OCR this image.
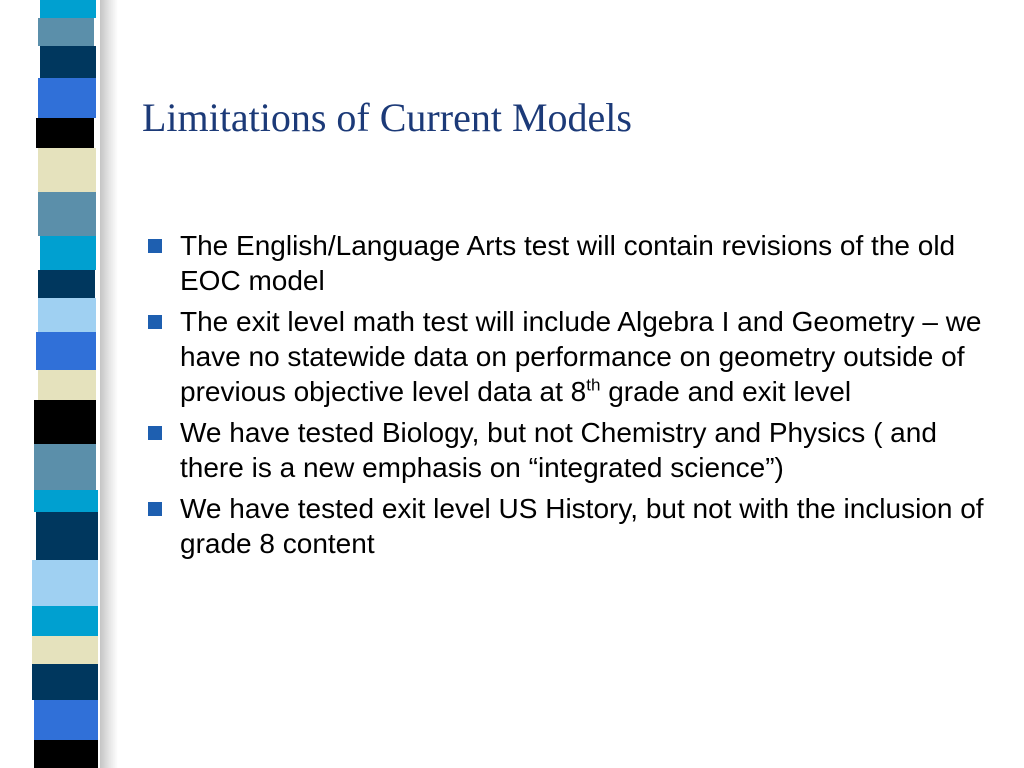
Limitations of Current Models
The English/Language Arts test will contain revisions of the old EOC model
The exit level math test will include Algebra I and Geometry – we have no statewide data on performance on geometry outside of previous objective level data at 8th grade and exit level
We have tested Biology, but not Chemistry and Physics ( and there is a new emphasis on “integrated science”)
We have tested exit level US History, but not with the inclusion of grade 8 content
